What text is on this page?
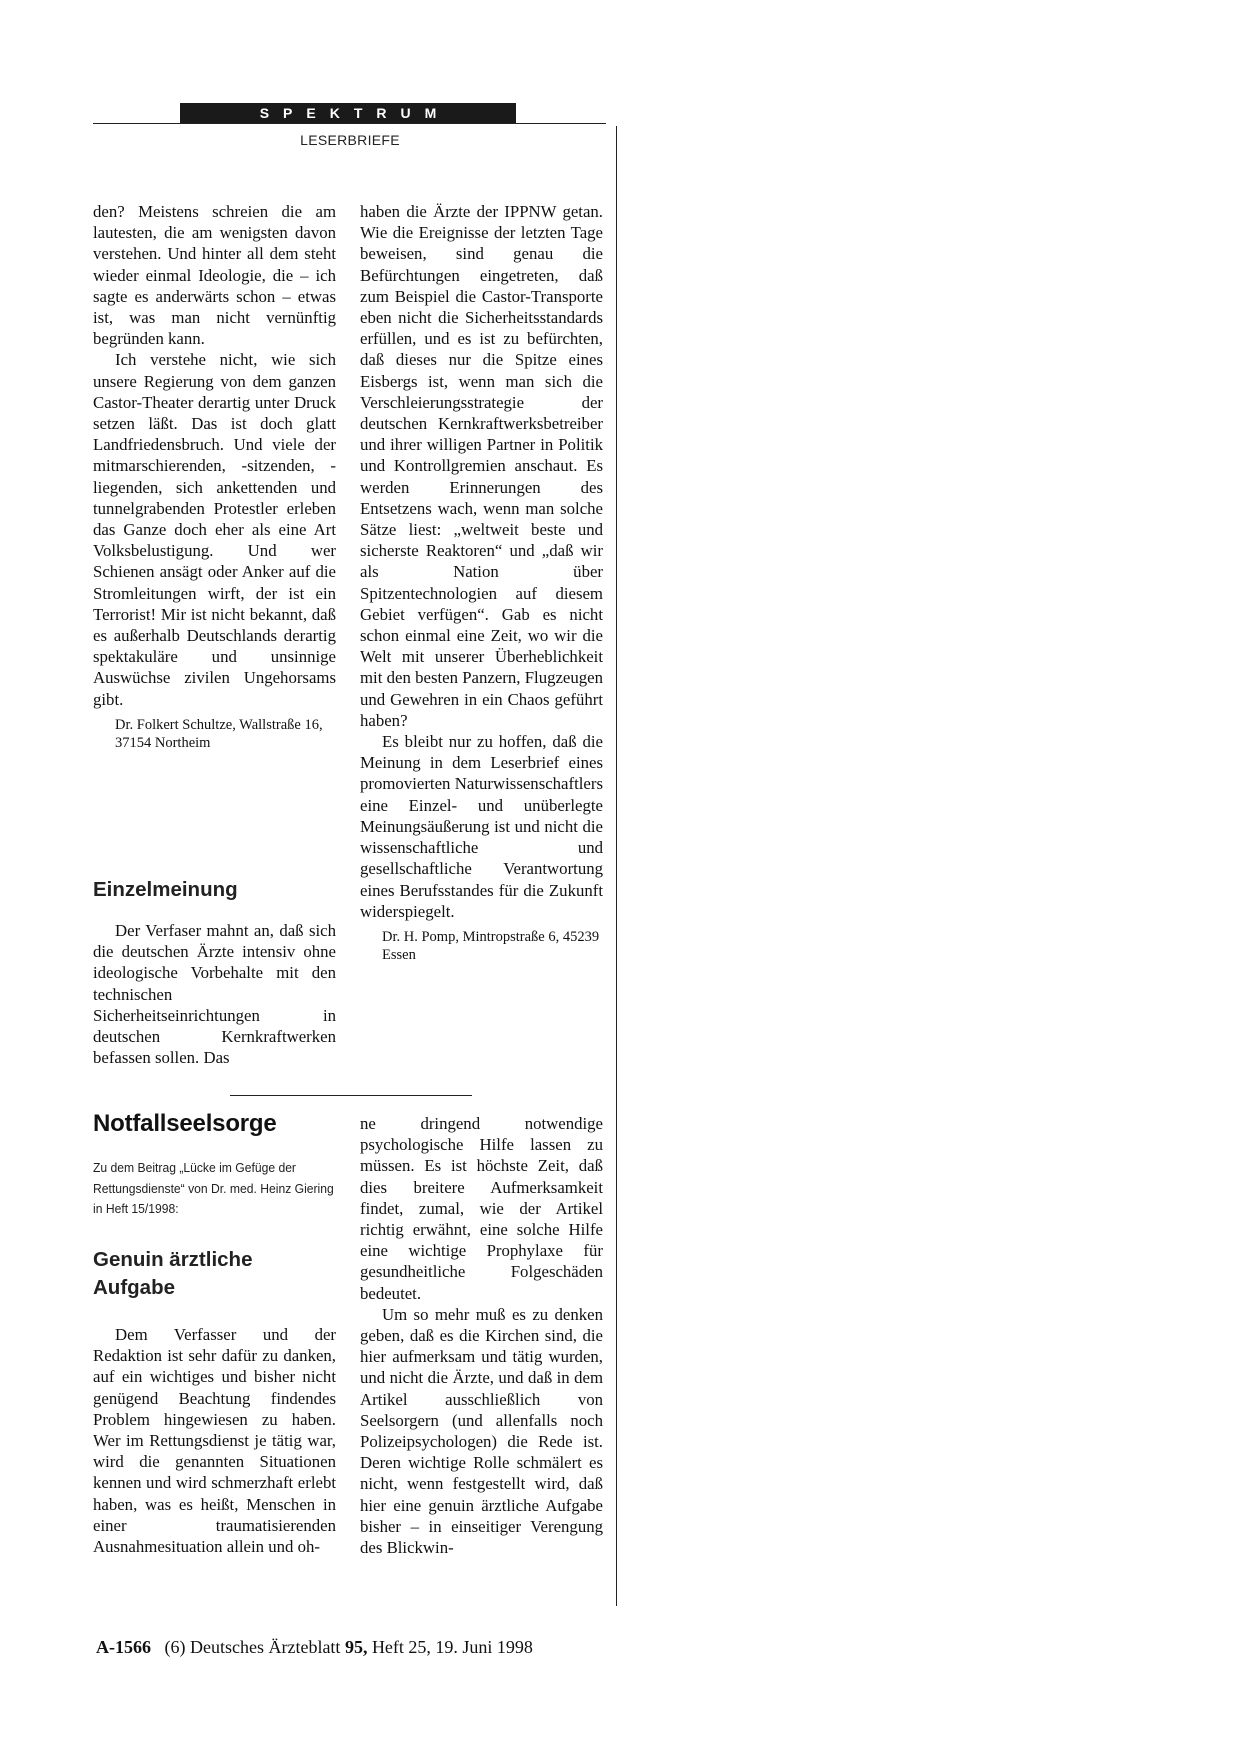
SPEKTRUM
LESERBRIEFE

den? Meistens schreien die am lautesten, die am wenigsten davon verstehen. Und hinter all dem steht wieder einmal Ideologie, die – ich sagte es anderwärts schon – etwas ist, was man nicht vernünftig begründen kann.

Ich verstehe nicht, wie sich unsere Regierung von dem ganzen Castor-Theater derartig unter Druck setzen läßt. Das ist doch glatt Landfriedensbruch. Und viele der mitmarschierenden, -sitzenden, -liegenden, sich ankettenden und tunnelgrabenden Protestler erleben das Ganze doch eher als eine Art Volksbelustigung. Und wer Schienen ansägt oder Anker auf die Stromleitungen wirft, der ist ein Terrorist! Mir ist nicht bekannt, daß es außerhalb Deutschlands derartig spektakuläre und unsinnige Auswüchse zivilen Ungehorsams gibt.

Dr. Folkert Schultze, Wallstraße 16, 37154 Northeim

Einzelmeinung

Der Verfaser mahnt an, daß sich die deutschen Ärzte intensiv ohne ideologische Vorbehalte mit den technischen Sicherheitseinrichtungen in deutschen Kernkraftwerken befassen sollen. Das

haben die Ärzte der IPPNW getan. Wie die Ereignisse der letzten Tage beweisen, sind genau die Befürchtungen eingetreten, daß zum Beispiel die Castor-Transporte eben nicht die Sicherheitsstandards erfüllen, und es ist zu befürchten, daß dieses nur die Spitze eines Eisbergs ist, wenn man sich die Verschleierungsstrategie der deutschen Kernkraftwerksbetreiber und ihrer willigen Partner in Politik und Kontrollgremien anschaut. Es werden Erinnerungen des Entsetzens wach, wenn man solche Sätze liest: „weltweit beste und sicherste Reaktoren“ und „daß wir als Nation über Spitzentechnologien auf diesem Gebiet verfügen“. Gab es nicht schon einmal eine Zeit, wo wir die Welt mit unserer Überheblichkeit mit den besten Panzern, Flugzeugen und Gewehren in ein Chaos geführt haben?

Es bleibt nur zu hoffen, daß die Meinung in dem Leserbrief eines promovierten Naturwissenschaftlers eine Einzel- und unüberlegte Meinungsäußerung ist und nicht die wissenschaftliche und gesellschaftliche Verantwortung eines Berufsstandes für die Zukunft widerspiegelt.

Dr. H. Pomp, Mintropstraße 6, 45239 Essen

Notfallseelsorge
Zu dem Beitrag „Lücke im Gefüge der Rettungsdienste“ von Dr. med. Heinz Giering in Heft 15/1998:
Genuin ärztliche Aufgabe

Dem Verfasser und der Redaktion ist sehr dafür zu danken, auf ein wichtiges und bisher nicht genügend Beachtung findendes Problem hingewiesen zu haben. Wer im Rettungsdienst je tätig war, wird die genannten Situationen kennen und wird schmerzhaft erlebt haben, was es heißt, Menschen in einer traumatisierenden Ausnahmesituation allein und oh-

ne dringend notwendige psychologische Hilfe lassen zu müssen. Es ist höchste Zeit, daß dies breitere Aufmerksamkeit findet, zumal, wie der Artikel richtig erwähnt, eine solche Hilfe eine wichtige Prophylaxe für gesundheitliche Folgeschäden bedeutet.

Um so mehr muß es zu denken geben, daß es die Kirchen sind, die hier aufmerksam und tätig wurden, und nicht die Ärzte, und daß in dem Artikel ausschließlich von Seelsorgern (und allenfalls noch Polizeipsychologen) die Rede ist. Deren wichtige Rolle schmälert es nicht, wenn festgestellt wird, daß hier eine genuin ärztliche Aufgabe bisher – in einseitiger Verengung des Blickwin-

A-1566 (6) Deutsches Ärzteblatt 95, Heft 25, 19. Juni 1998
